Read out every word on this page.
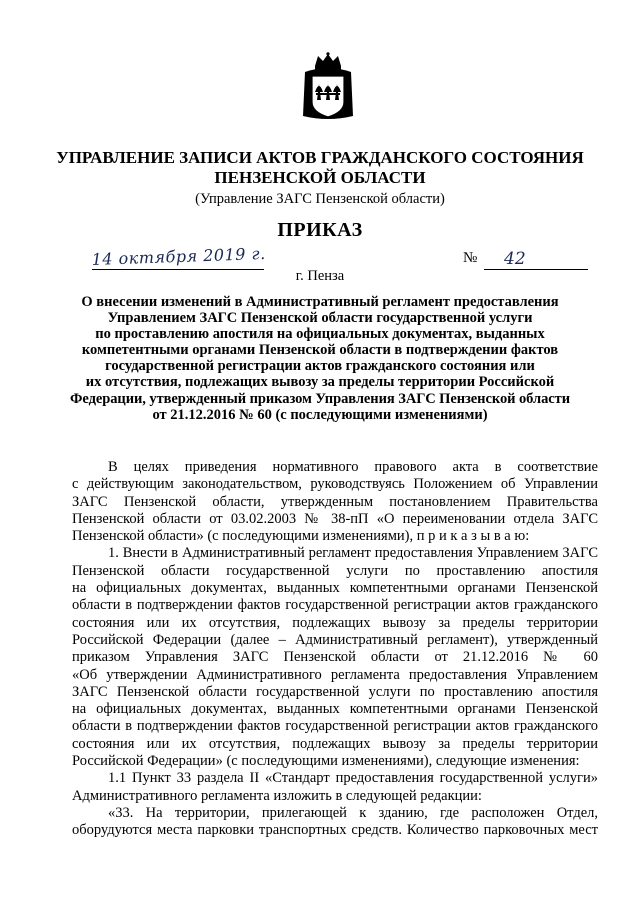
УПРАВЛЕНИЕ ЗАПИСИ АКТОВ ГРАЖДАНСКОГО СОСТОЯНИЯ
ПЕНЗЕНСКОЙ ОБЛАСТИ
(Управление ЗАГС Пензенской области)
ПРИКАЗ
14 октября 2019 г.	№ 42
г. Пенза
О внесении изменений в Административный регламент предоставления
Управлением ЗАГС Пензенской области государственной услуги
по проставлению апостиля на официальных документах, выданных
компетентными органами Пензенской области в подтверждении фактов
государственной регистрации актов гражданского состояния или
их отсутствия, подлежащих вывозу за пределы территории Российской
Федерации, утвержденный приказом Управления ЗАГС Пензенской области
от 21.12.2016 № 60 (с последующими изменениями)
В целях приведения нормативного правового акта в соответствие
с действующим законодательством, руководствуясь Положением об Управлении
ЗАГС Пензенской области, утвержденным постановлением Правительства
Пензенской области от 03.02.2003 № 38-пП «О переименовании отдела ЗАГС
Пензенской области» (с последующими изменениями), п р и к а з ы в а ю:
1. Внести в Административный регламент предоставления Управлением ЗАГС
Пензенской области государственной услуги по проставлению апостиля
на официальных документах, выданных компетентными органами Пензенской
области в подтверждении фактов государственной регистрации актов гражданского
состояния или их отсутствия, подлежащих вывозу за пределы территории
Российской Федерации (далее – Административный регламент), утвержденный
приказом Управления ЗАГС Пензенской области от 21.12.2016 № 60
«Об утверждении Административного регламента предоставления Управлением
ЗАГС Пензенской области государственной услуги по проставлению апостиля
на официальных документах, выданных компетентными органами Пензенской
области в подтверждении фактов государственной регистрации актов гражданского
состояния или их отсутствия, подлежащих вывозу за пределы территории
Российской Федерации» (с последующими изменениями), следующие изменения:
1.1 Пункт 33 раздела II «Стандарт предоставления государственной услуги»
Административного регламента изложить в следующей редакции:
«33. На территории, прилегающей к зданию, где расположен Отдел,
оборудуются места парковки транспортных средств. Количество парковочных мест
